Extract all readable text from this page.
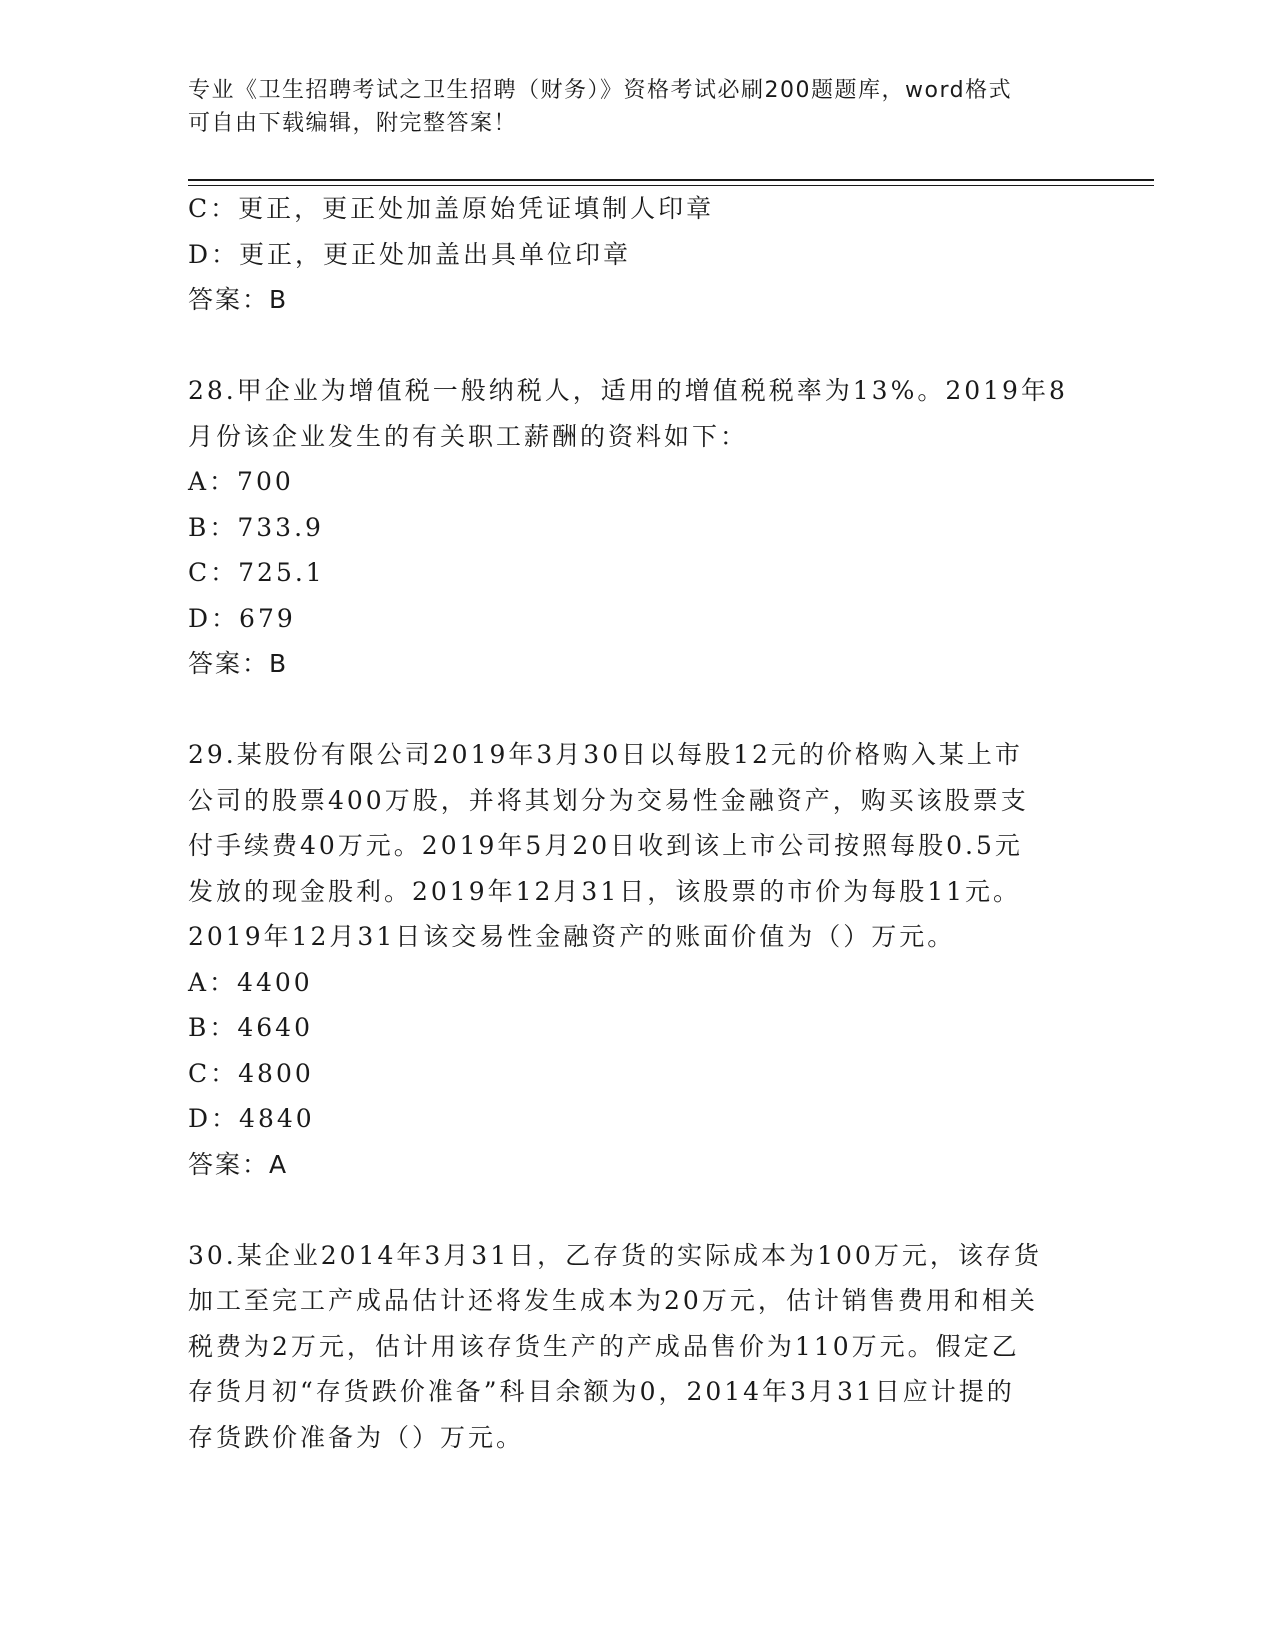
专业《卫生招聘考试之卫生招聘（财务）》资格考试必刷200题题库，word格式
可自由下载编辑，附完整答案！
C：更正，更正处加盖原始凭证填制人印章
D：更正，更正处加盖出具单位印章
答案：B
28.甲企业为增值税一般纳税人，适用的增值税税率为13%。2019年8
月份该企业发生的有关职工薪酬的资料如下：
A：700
B：733.9
C：725.1
D：679
答案：B
29.某股份有限公司2019年3月30日以每股12元的价格购入某上市
公司的股票400万股，并将其划分为交易性金融资产，购买该股票支
付手续费40万元。2019年5月20日收到该上市公司按照每股0.5元
发放的现金股利。2019年12月31日，该股票的市价为每股11元。
2019年12月31日该交易性金融资产的账面价值为（）万元。
A：4400
B：4640
C：4800
D：4840
答案：A
30.某企业2014年3月31日，乙存货的实际成本为100万元，该存货
加工至完工产成品估计还将发生成本为20万元，估计销售费用和相关
税费为2万元，估计用该存货生产的产成品售价为110万元。假定乙
存货月初“存货跌价准备”科目余额为0，2014年3月31日应计提的
存货跌价准备为（）万元。
